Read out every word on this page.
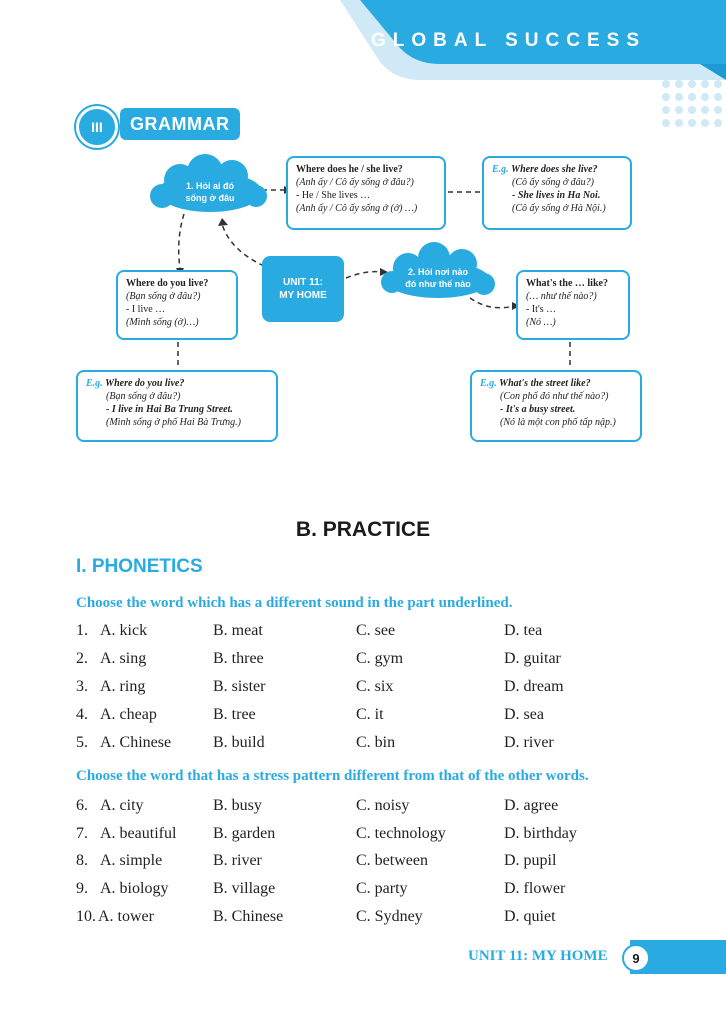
GLOBAL SUCCESS
III	GRAMMAR
1. Hỏi ai đó
sống ở đâu
2. Hỏi nơi nào
đó như thế nào
UNIT 11:
MY HOME
Where does he / she live?
(Anh ấy / Cô ấy sống ở đâu?)
- He / She lives …
(Anh ấy / Cô ấy sống ở (ở) …)
E.g. Where does she live?
(Cô ấy sống ở đâu?)
- She lives in Ha Noi.
(Cô ấy sống ở Hà Nội.)
Where do you live?
(Bạn sống ở đâu?)
- I live …
(Mình sống (ở)…)
E.g. Where do you live?
(Bạn sống ở đâu?)
- I live in Hai Ba Trung Street.
(Mình sống ở phố Hai Bà Trưng.)
What's the … like?
(… như thế nào?)
- It's …
(Nó …)
E.g. What's the street like?
(Con phố đó như thế nào?)
- It's a busy street.
(Nó là một con phố tấp nập.)
B. PRACTICE
I. PHONETICS
Choose the word which has a different sound in the part underlined.
1. A. kick	B. meat	C. see	D. tea
2. A. sing	B. three	C. gym	D. guitar
3. A. ring	B. sister	C. six	D. dream
4. A. cheap	B. tree	C. it	D. sea
5. A. Chinese	B. build	C. bin	D. river
Choose the word that has a stress pattern different from that of the other words.
6. A. city	B. busy	C. noisy	D. agree
7. A. beautiful B. garden	C. technology	D. birthday
8. A. simple	B. river	C. between	D. pupil
9. A. biology	B. village	C. party	D. flower
10. A. tower	B. Chinese	C. Sydney	D. quiet
UNIT 11: MY HOME	9
